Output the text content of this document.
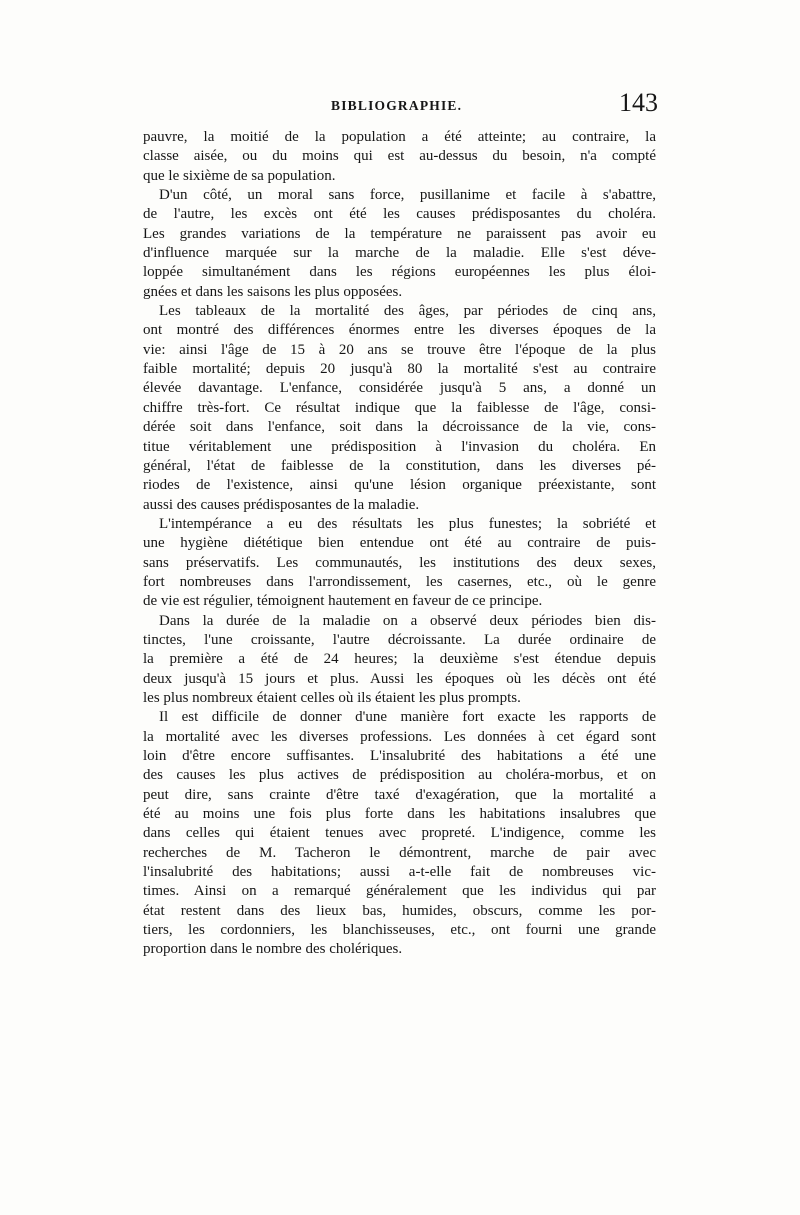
BIBLIOGRAPHIE.	143
pauvre, la moitié de la population a été atteinte; au contraire, la
classe aisée, ou du moins qui est au-dessus du besoin, n'a compté
que le sixième de sa population.
D'un côté, un moral sans force, pusillanime et facile à s'abattre,
de l'autre, les excès ont été les causes prédisposantes du choléra.
Les grandes variations de la température ne paraissent pas avoir eu
d'influence marquée sur la marche de la maladie. Elle s'est déve-
loppée simultanément dans les régions européennes les plus éloi-
gnées et dans les saisons les plus opposées.
Les tableaux de la mortalité des âges, par périodes de cinq ans,
ont montré des différences énormes entre les diverses époques de la
vie: ainsi l'âge de 15 à 20 ans se trouve être l'époque de la plus
faible mortalité; depuis 20 jusqu'à 80 la mortalité s'est au contraire
élevée davantage. L'enfance, considérée jusqu'à 5 ans, a donné un
chiffre très-fort. Ce résultat indique que la faiblesse de l'âge, consi-
dérée soit dans l'enfance, soit dans la décroissance de la vie, cons-
titue véritablement une prédisposition à l'invasion du choléra. En
général, l'état de faiblesse de la constitution, dans les diverses pé-
riodes de l'existence, ainsi qu'une lésion organique préexistante, sont
aussi des causes prédisposantes de la maladie.
L'intempérance a eu des résultats les plus funestes; la sobriété et
une hygiène diététique bien entendue ont été au contraire de puis-
sans préservatifs. Les communautés, les institutions des deux sexes,
fort nombreuses dans l'arrondissement, les casernes, etc., où le genre
de vie est régulier, témoignent hautement en faveur de ce principe.
Dans la durée de la maladie on a observé deux périodes bien dis-
tinctes, l'une croissante, l'autre décroissante. La durée ordinaire de
la première a été de 24 heures; la deuxième s'est étendue depuis
deux jusqu'à 15 jours et plus. Aussi les époques où les décès ont été
les plus nombreux étaient celles où ils étaient les plus prompts.
Il est difficile de donner d'une manière fort exacte les rapports de
la mortalité avec les diverses professions. Les données à cet égard sont
loin d'être encore suffisantes. L'insalubrité des habitations a été une
des causes les plus actives de prédisposition au choléra-morbus, et on
peut dire, sans crainte d'être taxé d'exagération, que la mortalité a
été au moins une fois plus forte dans les habitations insalubres que
dans celles qui étaient tenues avec propreté. L'indigence, comme les
recherches de M. Tacheron le démontrent, marche de pair avec
l'insalubrité des habitations; aussi a-t-elle fait de nombreuses vic-
times. Ainsi on a remarqué généralement que les individus qui par
état restent dans des lieux bas, humides, obscurs, comme les por-
tiers, les cordonniers, les blanchisseuses, etc., ont fourni une grande
proportion dans le nombre des cholériques.
